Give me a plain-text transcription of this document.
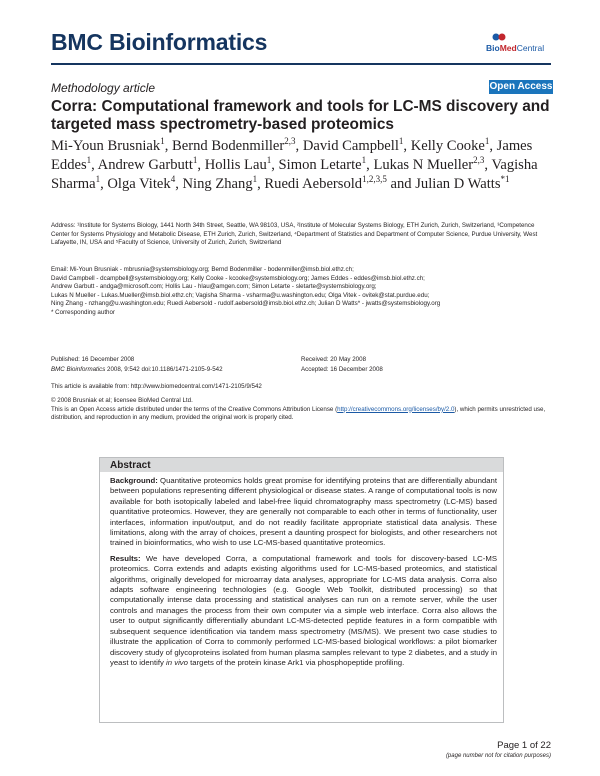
BMC Bioinformatics	BioMedCentral
Methodology article	Open Access
Corra: Computational framework and tools for LC-MS discovery and targeted mass spectrometry-based proteomics
Mi-Youn Brusniak$^1$, Bernd Bodenmiller$^{2,3}$, David Campbell$^1$, Kelly Cooke$^1$, James Eddes$^1$, Andrew Garbutt$^1$, Hollis Lau$^1$, Simon Letarte$^1$, Lukas N Mueller$^{2,3}$, Vagisha Sharma$^1$, Olga Vitek$^4$, Ning Zhang$^1$, Ruedi Aebersold$^{1,2,3,5}$ and Julian D Watts$^{*1}$
Address: ¹Institute for Systems Biology, 1441 North 34th Street, Seattle, WA 98103, USA, ²Institute of Molecular Systems Biology, ETH Zurich, Zurich, Switzerland, ³Competence Center for Systems Physiology and Metabolic Disease, ETH Zurich, Zurich, Switzerland, ⁴Department of Statistics and Department of Computer Science, Purdue University, West Lafayette, IN, USA and ⁵Faculty of Science, University of Zurich, Zurich, Switzerland
Email: Mi-Youn Brusniak - mbrusnia@systemsbiology.org; Bernd Bodenmiller - bodenmiller@imsb.biol.ethz.ch;
David Campbell - dcampbell@systemsbiology.org; Kelly Cooke - kcooke@systemsbiology.org; James Eddes - eddes@imsb.biol.ethz.ch;
Andrew Garbutt - andga@microsoft.com; Hollis Lau - hlau@amgen.com; Simon Letarte - sletarte@systemsbiology.org;
Lukas N Mueller - Lukas.Mueller@imsb.biol.ethz.ch; Vagisha Sharma - vsharma@u.washington.edu; Olga Vitek - ovitek@stat.purdue.edu;
Ning Zhang - nzhang@u.washington.edu; Ruedi Aebersold - rudolf.aebersold@imsb.biol.ethz.ch; Julian D Watts* - jwatts@systemsbiology.org
* Corresponding author
Published: 16 December 2008
BMC Bioinformatics 2008, 9:542 doi:10.1186/1471-2105-9-542
Received: 20 May 2008
Accepted: 16 December 2008
This article is available from: http://www.biomedcentral.com/1471-2105/9/542
© 2008 Brusniak et al; licensee BioMed Central Ltd.
This is an Open Access article distributed under the terms of the Creative Commons Attribution License (http://creativecommons.org/licenses/by/2.0), which permits unrestricted use, distribution, and reproduction in any medium, provided the original work is properly cited.
Abstract

Background: Quantitative proteomics holds great promise for identifying proteins that are differentially abundant between populations representing different physiological or disease states. A range of computational tools is now available for both isotopically labeled and label-free liquid chromatography mass spectrometry (LC-MS) based quantitative proteomics. However, they are generally not comparable to each other in terms of functionality, user interfaces, information input/output, and do not readily facilitate appropriate statistical data analysis. These limitations, along with the array of choices, present a daunting prospect for biologists, and other researchers not trained in bioinformatics, who wish to use LC-MS-based quantitative proteomics.

Results: We have developed Corra, a computational framework and tools for discovery-based LC-MS proteomics. Corra extends and adapts existing algorithms used for LC-MS-based proteomics, and statistical algorithms, originally developed for microarray data analyses, appropriate for LC-MS data analysis. Corra also adapts software engineering technologies (e.g. Google Web Toolkit, distributed processing) so that computationally intense data processing and statistical analyses can run on a remote server, while the user controls and manages the process from their own computer via a simple web interface. Corra also allows the user to output significantly differentially abundant LC-MS-detected peptide features in a form compatible with subsequent sequence identification via tandem mass spectrometry (MS/MS). We present two case studies to illustrate the application of Corra to commonly performed LC-MS-based biological workflows: a pilot biomarker discovery study of glycoproteins isolated from human plasma samples relevant to type 2 diabetes, and a study in yeast to identify in vivo targets of the protein kinase Ark1 via phosphopeptide profiling.

Page 1 of 22
(page number not for citation purposes)
